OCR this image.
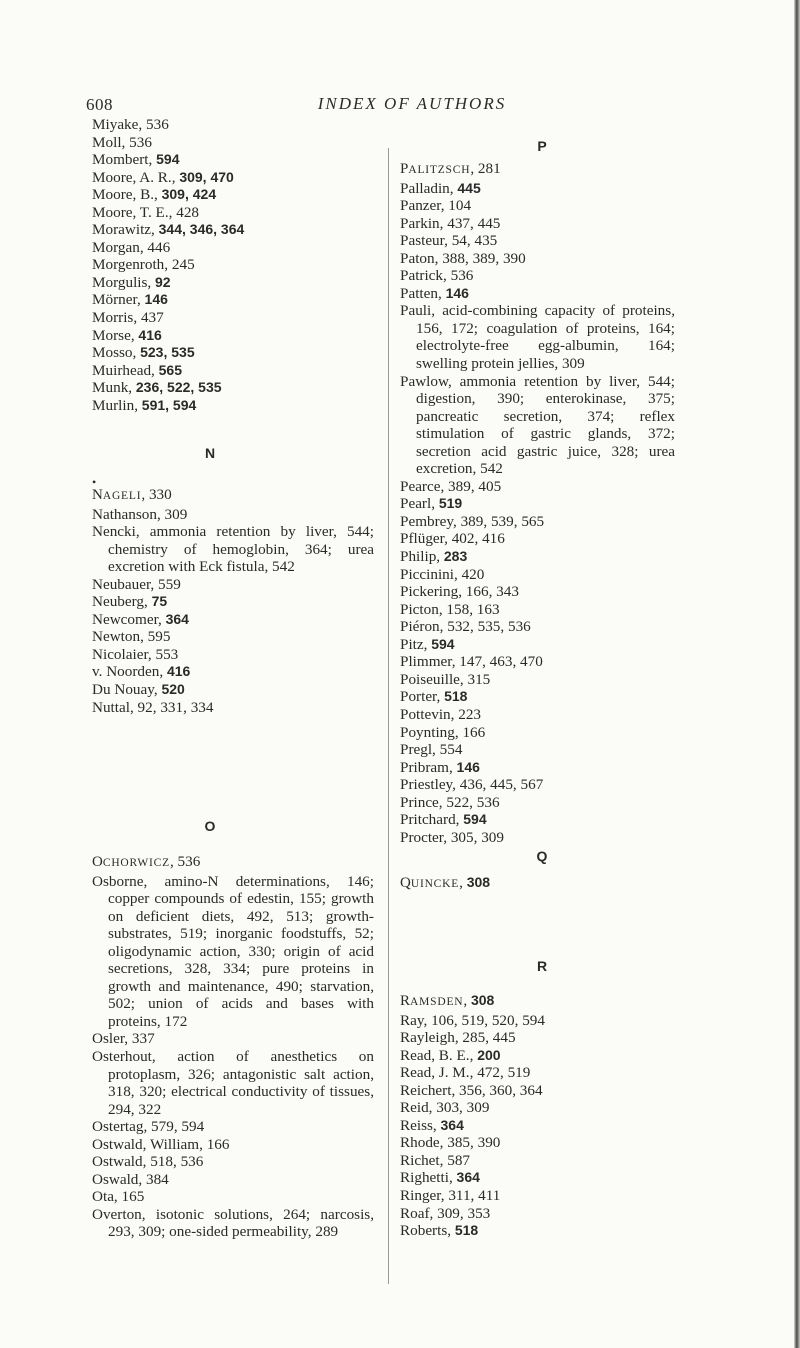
608	INDEX OF AUTHORS
Miyake, 536
Moll, 536
Mombert, 594
Moore, A. R., 309, 470
Moore, B., 309, 424
Moore, T. E., 428
Morawitz, 344, 346, 364
Morgan, 446
Morgenroth, 245
Morgulis, 92
Mörner, 146
Morris, 437
Morse, 416
Mosso, 523, 535
Muirhead, 565
Munk, 236, 522, 535
Murlin, 591, 594
N
•
NAGELI, 330
Nathanson, 309
Nencki, ammonia retention by liver, 544; chemistry of hemoglobin, 364; urea excretion with Eck fistula, 542
Neubauer, 559
Neuberg, 75
Newcomer, 364
Newton, 595
Nicolaier, 553
v. Noorden, 416
Du Nouay, 520
Nuttal, 92, 331, 334
O
OCHORWICZ, 536
Osborne, amino-N determinations, 146; copper compounds of edestin, 155; growth on deficient diets, 492, 513; growth-substrates, 519; inorganic foodstuffs, 52; oligodynamic action, 330; origin of acid secretions, 328, 334; pure proteins in growth and maintenance, 490; starvation, 502; union of acids and bases with proteins, 172
Osler, 337
Osterhout, action of anesthetics on protoplasm, 326; antagonistic salt action, 318, 320; electrical conductivity of tissues, 294, 322
Ostertag, 579, 594
Ostwald, William, 166
Ostwald, 518, 536
Oswald, 384
Ota, 165
Overton, isotonic solutions, 264; narcosis, 293, 309; one-sided permeability, 289
P
PALITZSCH, 281
Palladin, 445
Panzer, 104
Parkin, 437, 445
Pasteur, 54, 435
Paton, 388, 389, 390
Patrick, 536
Patten, 146
Pauli, acid-combining capacity of proteins, 156, 172; coagulation of proteins, 164; electrolyte-free egg-albumin, 164; swelling protein jellies, 309
Pawlow, ammonia retention by liver, 544; digestion, 390; enterokinase, 375; pancreatic secretion, 374; reflex stimulation of gastric glands, 372; secretion acid gastric juice, 328; urea excretion, 542
Pearce, 389, 405
Pearl, 519
Pembrey, 389, 539, 565
Pflüger, 402, 416
Philip, 283
Piccinini, 420
Pickering, 166, 343
Picton, 158, 163
Piéron, 532, 535, 536
Pitz, 594
Plimmer, 147, 463, 470
Poiseuille, 315
Porter, 518
Pottevin, 223
Poynting, 166
Pregl, 554
Pribram, 146
Priestley, 436, 445, 567
Prince, 522, 536
Pritchard, 594
Procter, 305, 309
Q
QUINCKE, 308
R
RAMSDEN, 308
Ray, 106, 519, 520, 594
Rayleigh, 285, 445
Read, B. E., 200
Read, J. M., 472, 519
Reichert, 356, 360, 364
Reid, 303, 309
Reiss, 364
Rhode, 385, 390
Richet, 587
Righetti, 364
Ringer, 311, 411
Roaf, 309, 353
Roberts, 518
